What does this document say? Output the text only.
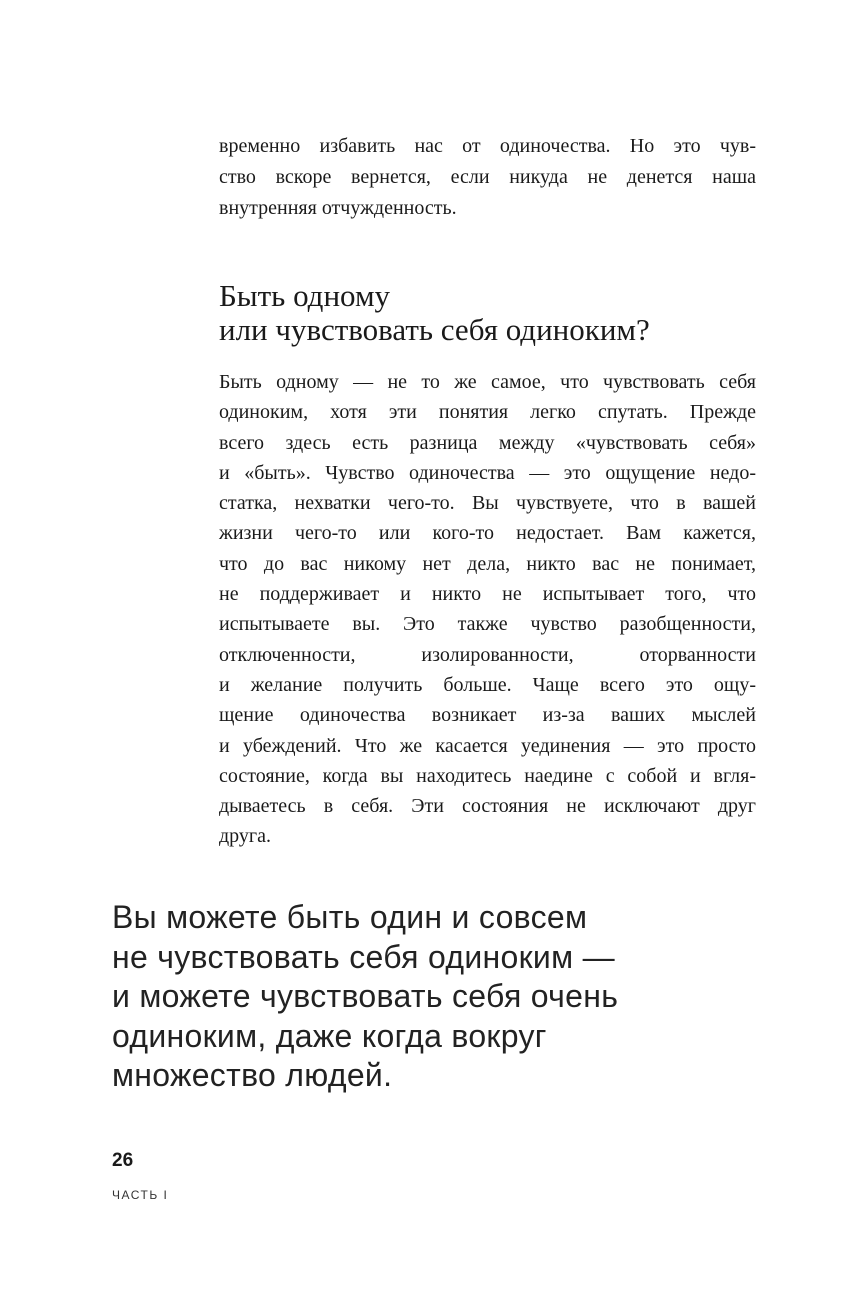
временно избавить нас от одиночества. Но это чув-
ство вскоре вернется, если никуда не денется наша
внутренняя отчужденность.
Быть одному
или чувствовать себя одиноким?
Быть одному — не то же самое, что чувствовать себя
одиноким, хотя эти понятия легко спутать. Прежде
всего здесь есть разница между «чувствовать себя»
и «быть». Чувство одиночества — это ощущение недо-
статка, нехватки чего-то. Вы чувствуете, что в вашей
жизни чего-то или кого-то недостает. Вам кажется,
что до вас никому нет дела, никто вас не понимает,
не поддерживает и никто не испытывает того, что
испытываете вы. Это также чувство разобщенности,
отключенности, изолированности, оторванности
и желание получить больше. Чаще всего это ощу-
щение одиночества возникает из-за ваших мыслей
и убеждений. Что же касается уединения — это просто
состояние, когда вы находитесь наедине с собой и вгля-
дываетесь в себя. Эти состояния не исключают друг
друга.
Вы можете быть один и совсем
не чувствовать себя одиноким —
и можете чувствовать себя очень
одиноким, даже когда вокруг
множество людей.
26
ЧАСТЬ I
